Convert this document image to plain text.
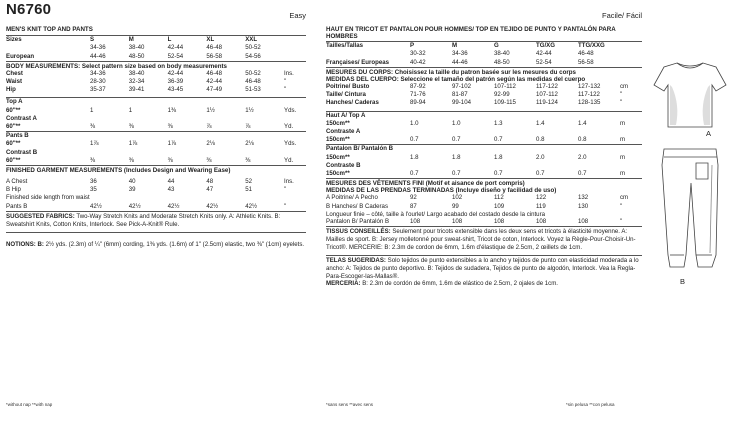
N6760	Easy
MEN'S KNIT TOP AND PANTS
Sizes	S	M	L	XL	XXL	
	34-36	38-40	42-44	46-48	50-52	
European	44-46	48-50	52-54	56-58	54-56	
BODY MEASUREMENTS: Select pattern size based on body measurements
Chest	34-36	38-40	42-44	46-48	50-52	Ins.
Waist	28-30	32-34	36-39	42-44	46-48	"
Hip	35-37	39-41	43-45	47-49	51-53	"
Top A						
60"**	1	1	1⅜	1½	1½	Yds.
Contrast A						
60"**	⅜	⅜	⅜	⅞	⅞	Yd.
Pants B						
60"**	1⅞	1⅞	1⅞	2⅛	2⅛	Yds.
Contrast B						
60"**	⅜	⅜	⅜	⅜	⅜	Yd.
FINISHED GARMENT MEASUREMENTS (Includes Design and Wearing Ease)
A Chest	36	40	44	48	52	Ins.
B Hip	35	39	43	47	51	"
Finished side length from waist						
Pants B	42½	42½	42½	42½	42½	"
SUGGESTED FABRICS: Two-Way Stretch Knits and Moderate Stretch Knits only. A: Athletic Knits. B: Sweatshirt Knits, Cotton Knits, Interlock. See Pick-A-Knit® Rule.
NOTIONS: B: 2½ yds. (2.3m) of ¼" (6mm) cording, 1⅜ yds. (1.6m) of 1" (2.5cm) elastic, two ⅜" (1cm) eyelets.
*without nap **with nap
Facile/ Fácil
HAUT EN TRICOT ET PANTALON POUR HOMMES/ TOP EN TEJIDO DE PUNTO Y PANTALÓN PARA HOMBRES
Tailles/Tallas	P	M	G	TG/XG	TTG/XXG	
	30-32	34-36	38-40	42-44	46-48	
Françaises/ Europeas	40-42	44-46	48-50	52-54	56-58	
MESURES DU CORPS: Choisissez la taille du patron basée sur les mesures du corps
MEDIDAS DEL CUERPO: Seleccione el tamaño del patrón según las medidas del cuerpo
Poitrine/ Busto	87-92	97-102	107-112	117-122	127-132	cm
Taille/ Cintura	71-76	81-87	92-99	107-112	117-122	"
Hanches/ Caderas	89-94	99-104	109-115	119-124	128-135	"
Haut A/ Top A						
150cm**	1.0	1.0	1.3	1.4	1.4	m
Contraste A						
150cm**	0.7	0.7	0.7	0.8	0.8	m
Pantalon B/ Pantalón B						
150cm**	1.8	1.8	1.8	2.0	2.0	m
Contraste B						
150cm**	0.7	0.7	0.7	0.7	0.7	m
MESURES DES VÊTEMENTS FINI (Motif et aisance de port compris)
MEDIDAS DE LAS PRENDAS TERMINADAS (Incluye diseño y facilidad de uso)
A Poitrine/ A Pecho	92	102	112	122	132	cm
B Hanches/ B Caderas	87	99	109	119	130	"
Longueur finie – côté, taille à l'ourlet/ Largo acabado del costado desde la cintura
Pantalon B/ Pantalón B	108	108	108	108	108	"
TISSUS CONSEILLÉS: Seulement pour tricots extensible dans les deux sens et tricots à élasticité moyenne. A: Mailles de sport. B: Jersey molletonné pour sweat-shirt, Tricot de coton, Interlock. Voyez la Règle-Pour-Choisir-Un-Tricot®. MERCERIE: B: 2.3m de cordon de 6mm, 1.6m d'élastique de 2.5cm, 2 œillets de 1cm.
TELAS SUGERIDAS: Solo tejidos de punto extensibles a lo ancho y tejidos de punto con elasticidad moderada a lo ancho: A: Tejidos de punto deportivo. B: Tejidos de sudadera, Tejidos de punto de algodón, Interlock. Vea la Regla-Para-Escoger-las-Mallas®.
MERCERIA: B: 2.3m de cordón de 6mm, 1.6m de elástico de 2.5cm, 2 ojales de 1cm.
*sans sens **avec sens	*sin pelusa **con pelusa
A
B
